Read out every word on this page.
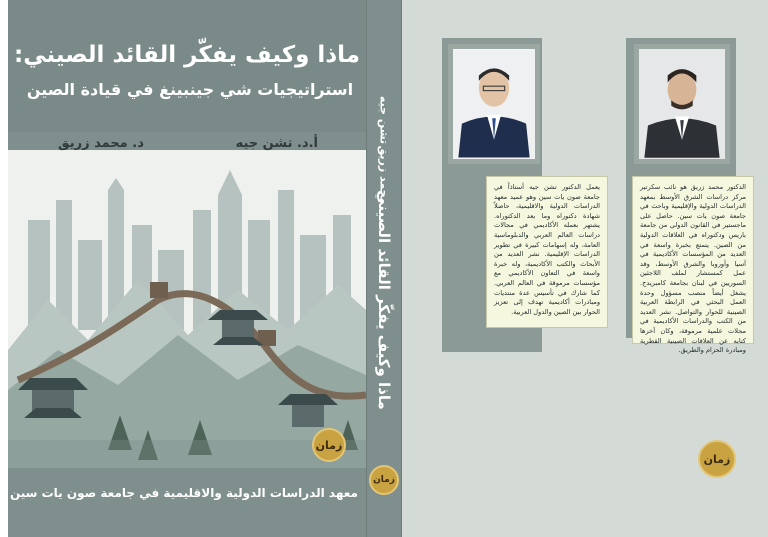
ماذا وكيف يفكّر القائد الصيني:
استراتيجيات شي جينبينغ في قيادة الصين
أ.د. تشن جيه
د. محمد زريق
معهد الدراسات الدولية والاقليمية في جامعة صون يات سين
زمان
تشن جيه
محمد زريق
ماذا وكيف يفكّر القائد الصيني
زمان
يعمل الدكتور تشن جيه أستاذاً في جامعة صون يات سين وهو عميد معهد الدراسات الدولية والاقليمية، حاصلاً شهادة دكتوراه وما بعد الدكتوراه. يشتهر بعمله الأكاديمي في مجالات دراسات العالم العربي والدبلوماسية العامة، وله إسهامات كبيرة في تطوير الدراسات الإقليمية. نشر العديد من الأبحاث والكتب الأكاديمية، وله خبرة واسعة في التعاون الأكاديمي مع مؤسسات مرموقة في العالم العربي. كما شارك في تأسيس عدة منتديات ومبادرات أكاديمية تهدف إلى تعزيز الحوار بين الصين والدول العربية.
الدكتور محمد زريق هو نائب سكرتير مركز دراسات الشرق الأوسط بمعهد الدراسات الدولية والإقليمية وباحث في جامعة صون يات سين. حاصل على ماجستير في القانون الدولي من جامعة باريس ودكتوراه في العلاقات الدولية من الصين. يتمتع بخبرة واسعة في العديد من المؤسسات الأكاديمية في آسيا وأوروبا والشرق الأوسط، وقد عمل كمستشار لملف اللاجئين السوريين في لبنان بجامعة كامبريدج. يشغل أيضاً منصب مسؤول وحدة العمل البحثي في الرابطة العربية الصينية للحوار والتواصل. نشر العديد من الكتب والدراسات الأكاديمية في مجلات علمية مرموقة، وكان آخرها كتابه عن العلاقات الصينية القطرية ومبادرة الحزام والطريق.
زمان
